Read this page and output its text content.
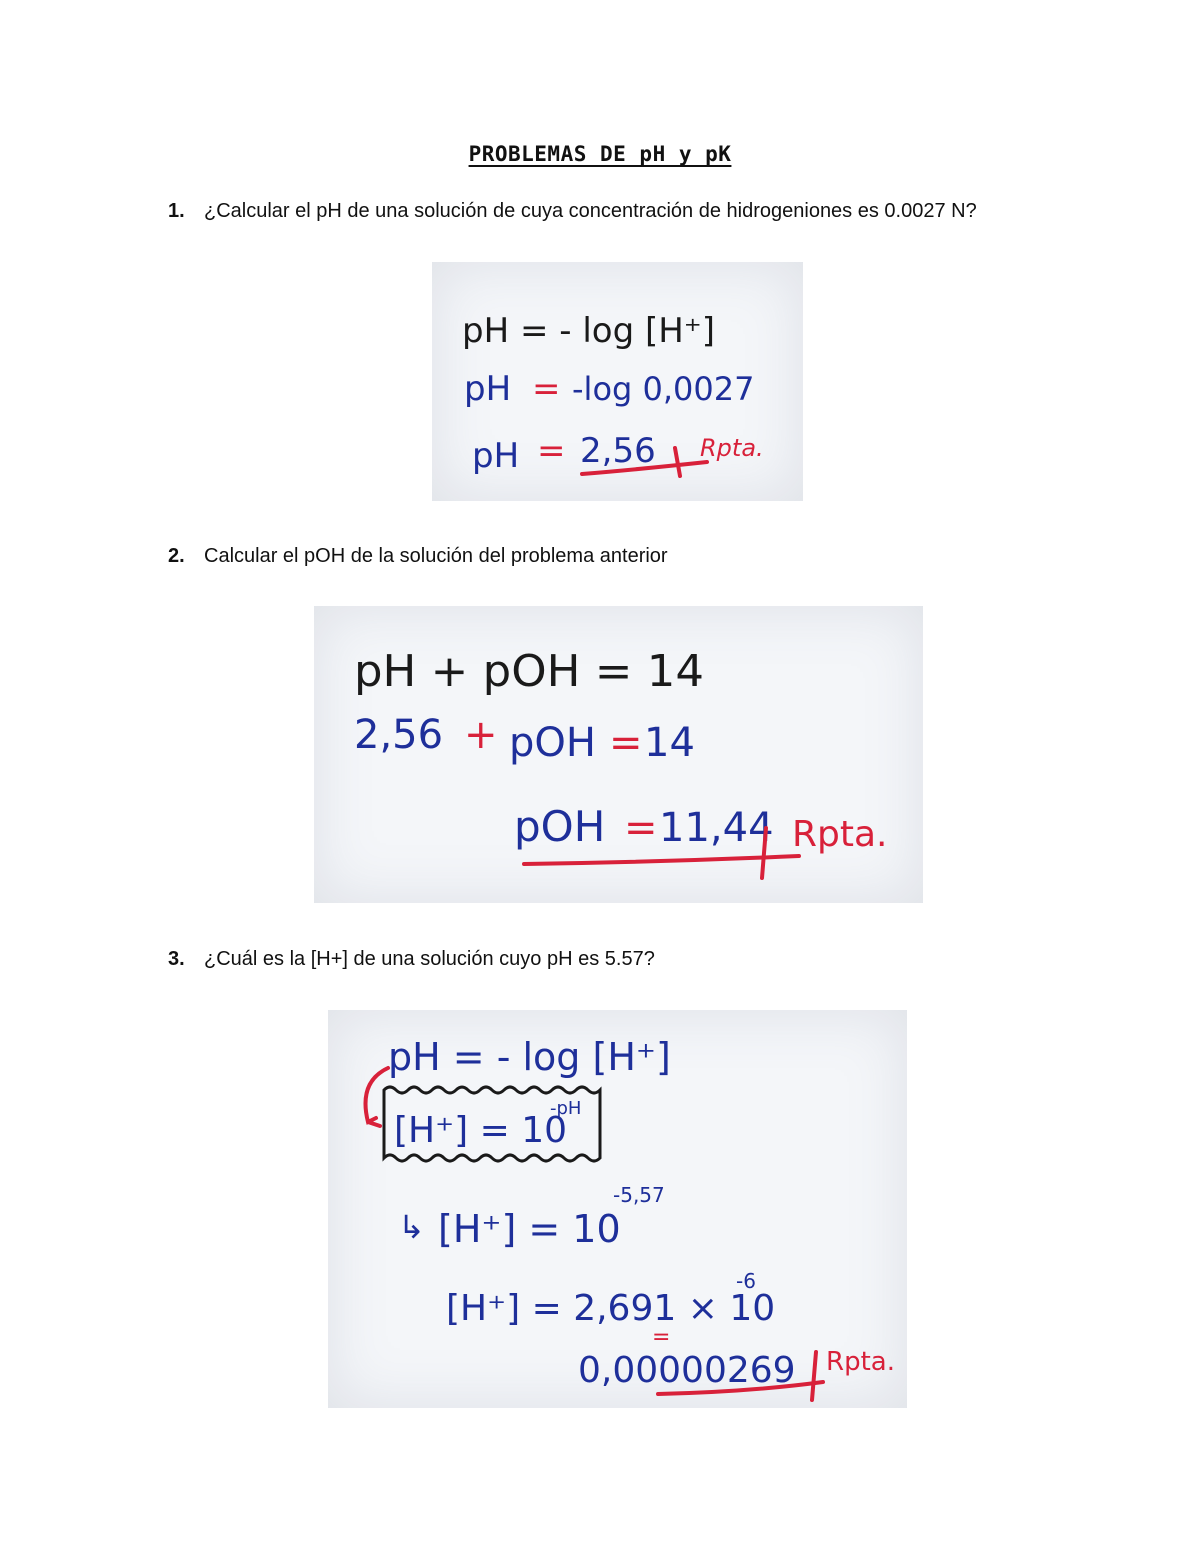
PROBLEMAS DE pH y pK
1. ¿Calcular el pH de una solución de cuya concentración de hidrogeniones es 0.0027 N?
pH = - log [H⁺]
pH = -log 0,0027
pH = 2,56 Rpta.
2. Calcular el pOH de la solución del problema anterior
pH + pOH = 14
2,56 + pOH = 14
pOH = 11,44 Rpta.
3. ¿Cuál es la [H+] de una solución cuyo pH es 5.57?
pH = - log [H⁺]
[H⁺] = 10
-pH
↳ [H⁺] = 10
-5,57
[H⁺] = 2,691 × 10
-6
=
0,00000269 Rpta.
